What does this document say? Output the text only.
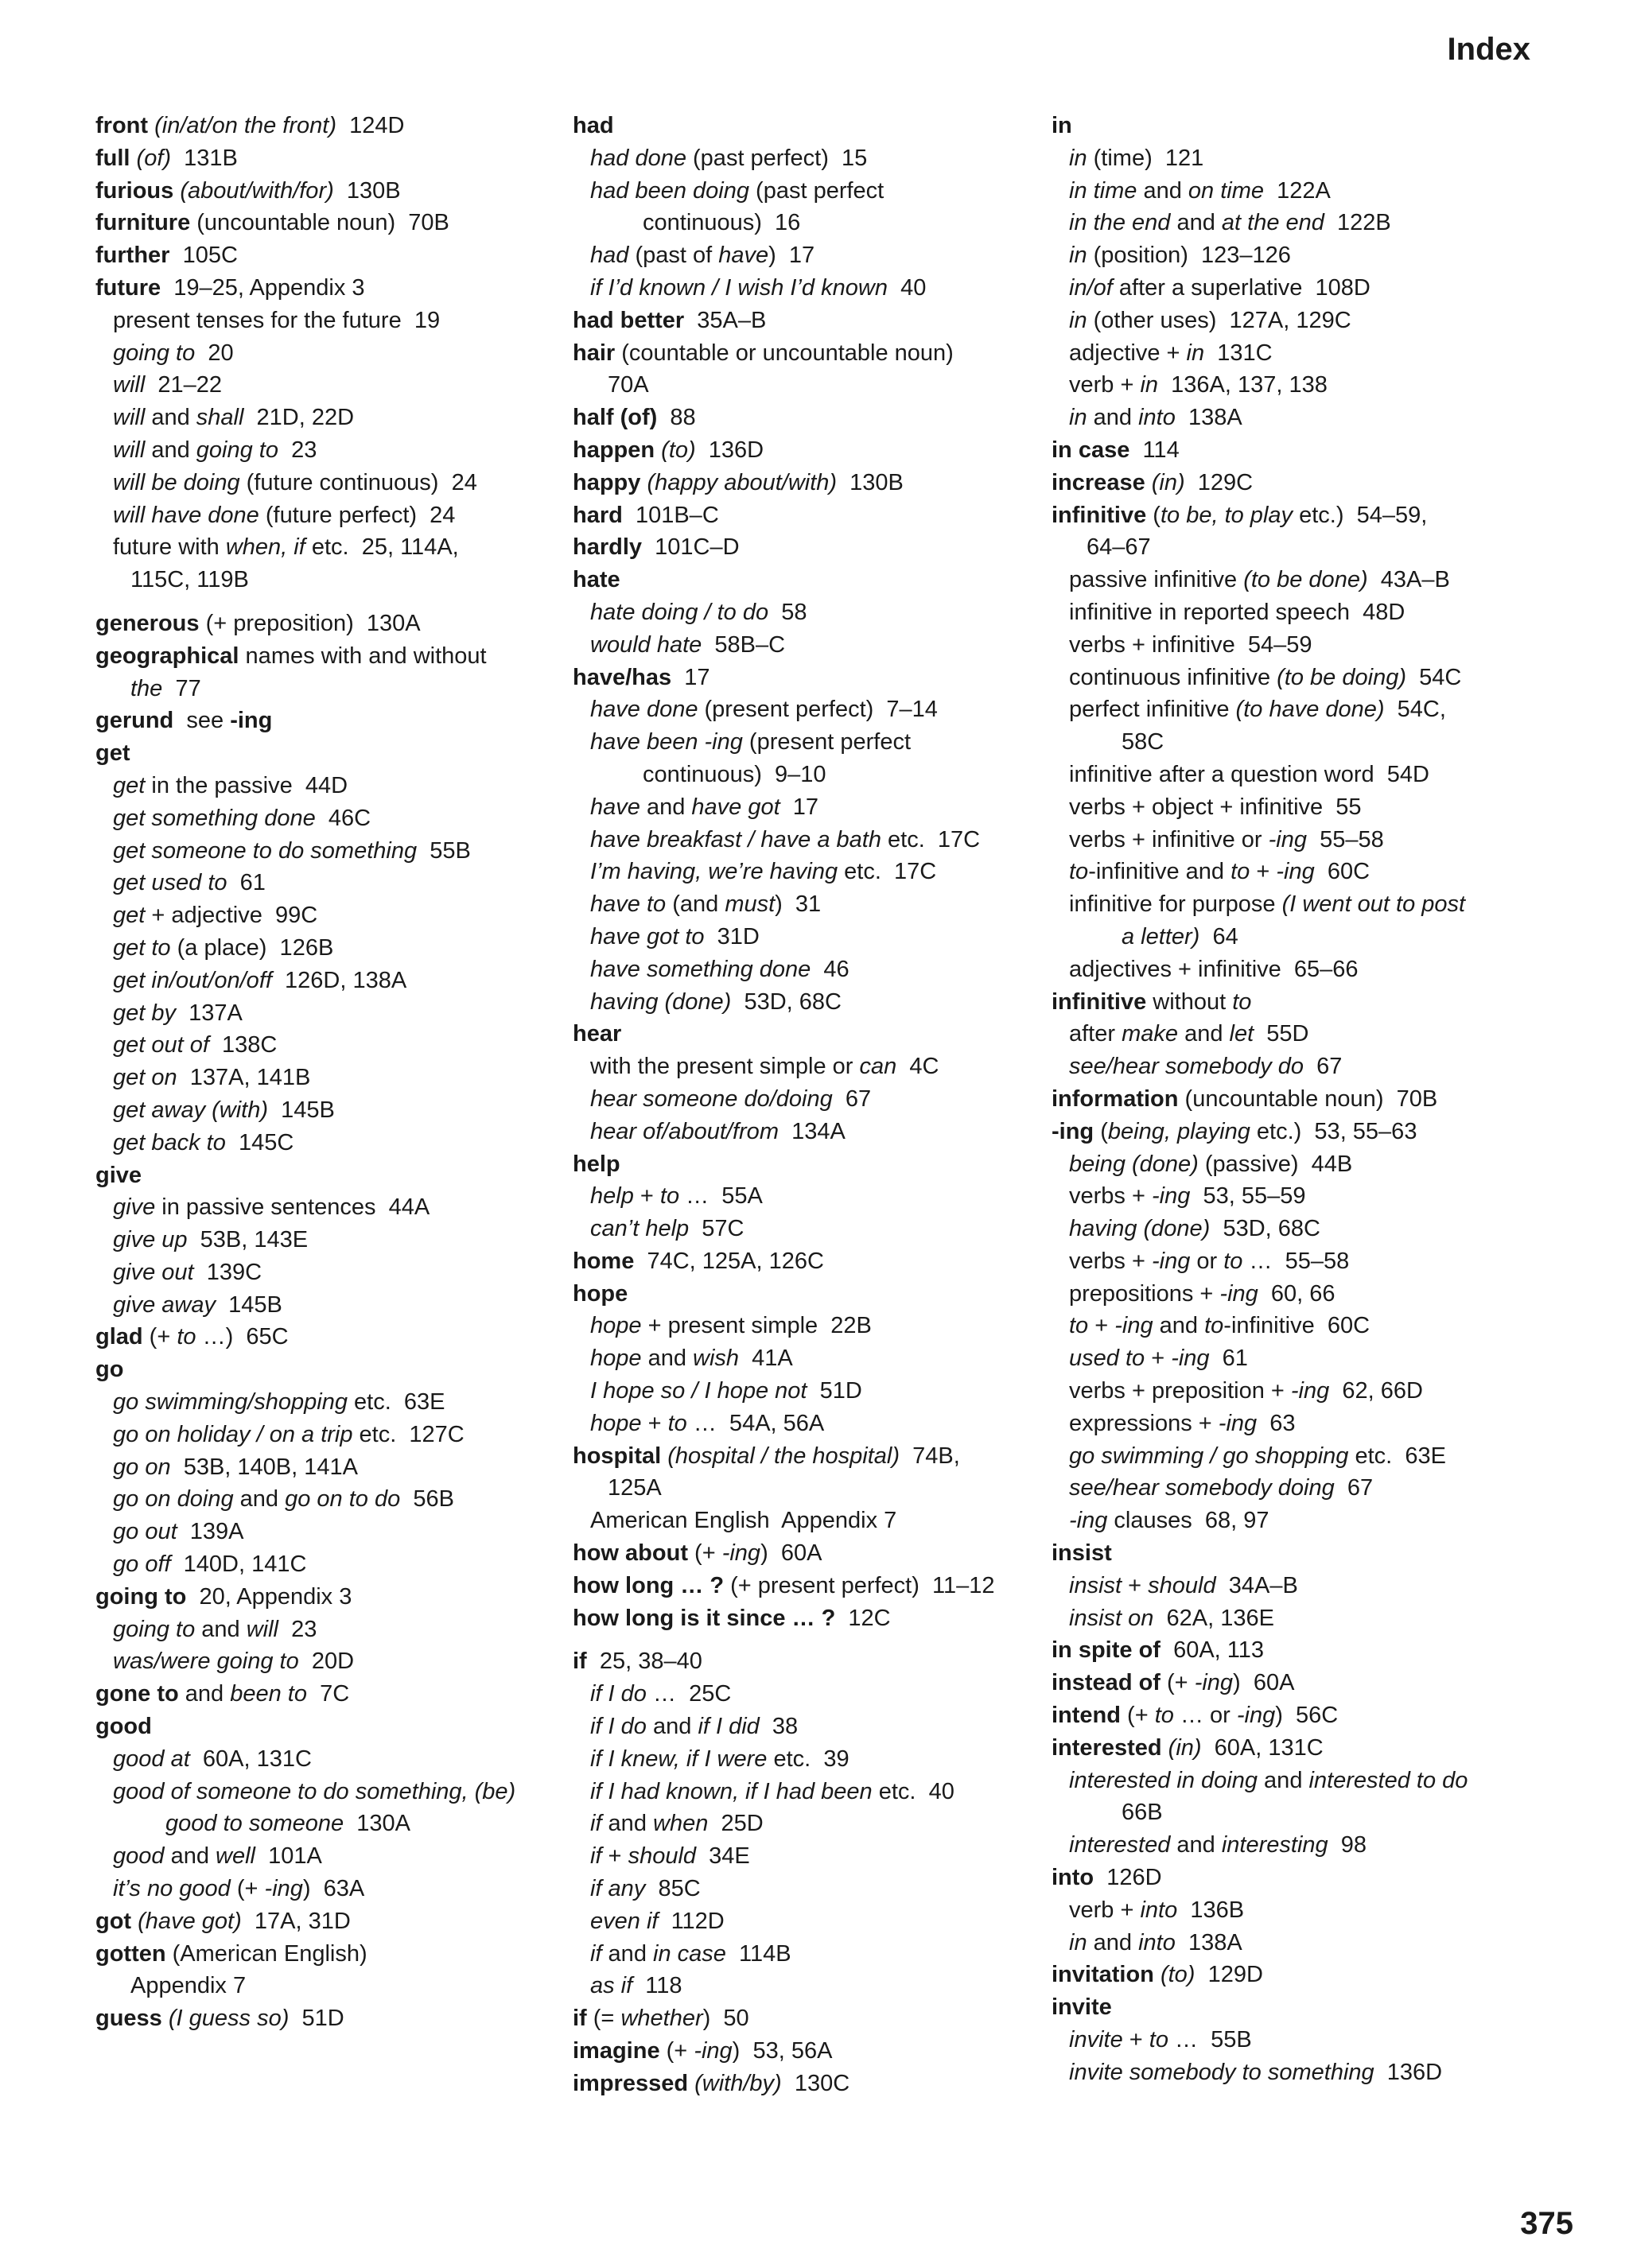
Index
front (in/at/on the front)  124D
full (of)  131B
furious (about/with/for)  130B
furniture (uncountable noun)  70B
further  105C
future  19–25, Appendix 3
present tenses for the future  19
going to  20
will  21–22
will and shall  21D, 22D
will and going to  23
will be doing (future continuous)  24
will have done (future perfect)  24
future with when, if etc.  25, 114A,
115C, 119B
generous (+ preposition)  130A
geographical names with and without
the  77
gerund  see -ing
get
get in the passive  44D
get something done  46C
get someone to do something  55B
get used to  61
get + adjective  99C
get to (a place)  126B
get in/out/on/off  126D, 138A
get by  137A
get out of  138C
get on  137A, 141B
get away (with)  145B
get back to  145C
give
give in passive sentences  44A
give up  53B, 143E
give out  139C
give away  145B
glad (+ to …)  65C
go
go swimming/shopping etc.  63E
go on holiday / on a trip etc.  127C
go on  53B, 140B, 141A
go on doing and go on to do  56B
go out  139A
go off  140D, 141C
going to  20, Appendix 3
going to and will  23
was/were going to  20D
gone to and been to  7C
good
good at  60A, 131C
good of someone to do something, (be)
good to someone  130A
good and well  101A
it’s no good (+ -ing)  63A
got (have got)  17A, 31D
gotten (American English)
Appendix 7
guess (I guess so)  51D
had
had done (past perfect)  15
had been doing (past perfect
continuous)  16
had (past of have)  17
if I’d known / I wish I’d known  40
had better  35A–B
hair (countable or uncountable noun)
70A
half (of)  88
happen (to)  136D
happy (happy about/with)  130B
hard  101B–C
hardly  101C–D
hate
hate doing / to do  58
would hate  58B–C
have/has  17
have done (present perfect)  7–14
have been -ing (present perfect
continuous)  9–10
have and have got  17
have breakfast / have a bath etc.  17C
I’m having, we’re having etc.  17C
have to (and must)  31
have got to  31D
have something done  46
having (done)  53D, 68C
hear
with the present simple or can  4C
hear someone do/doing  67
hear of/about/from  134A
help
help + to …  55A
can’t help  57C
home  74C, 125A, 126C
hope
hope + present simple  22B
hope and wish  41A
I hope so / I hope not  51D
hope + to …  54A, 56A
hospital (hospital / the hospital)  74B,
125A
American English  Appendix 7
how about (+ -ing)  60A
how long … ? (+ present perfect)  11–12
how long is it since … ?  12C
if  25, 38–40
if I do …  25C
if I do and if I did  38
if I knew, if I were etc.  39
if I had known, if I had been etc.  40
if and when  25D
if + should  34E
if any  85C
even if  112D
if and in case  114B
as if  118
if (= whether)  50
imagine (+ -ing)  53, 56A
impressed (with/by)  130C
in
in (time)  121
in time and on time  122A
in the end and at the end  122B
in (position)  123–126
in/of after a superlative  108D
in (other uses)  127A, 129C
adjective + in  131C
verb + in  136A, 137, 138
in and into  138A
in case  114
increase (in)  129C
infinitive (to be, to play etc.)  54–59,
64–67
passive infinitive (to be done)  43A–B
infinitive in reported speech  48D
verbs + infinitive  54–59
continuous infinitive (to be doing)  54C
perfect infinitive (to have done)  54C,
58C
infinitive after a question word  54D
verbs + object + infinitive  55
verbs + infinitive or -ing  55–58
to-infinitive and to + -ing  60C
infinitive for purpose (I went out to post
a letter)  64
adjectives + infinitive  65–66
infinitive without to
after make and let  55D
see/hear somebody do  67
information (uncountable noun)  70B
-ing (being, playing etc.)  53, 55–63
being (done) (passive)  44B
verbs + -ing  53, 55–59
having (done)  53D, 68C
verbs + -ing or to …  55–58
prepositions + -ing  60, 66
to + -ing and to-infinitive  60C
used to + -ing  61
verbs + preposition + -ing  62, 66D
expressions + -ing  63
go swimming / go shopping etc.  63E
see/hear somebody doing  67
-ing clauses  68, 97
insist
insist + should  34A–B
insist on  62A, 136E
in spite of  60A, 113
instead of (+ -ing)  60A
intend (+ to … or -ing)  56C
interested (in)  60A, 131C
interested in doing and interested to do
66B
interested and interesting  98
into  126D
verb + into  136B
in and into  138A
invitation (to)  129D
invite
invite + to …  55B
invite somebody to something  136D
375
